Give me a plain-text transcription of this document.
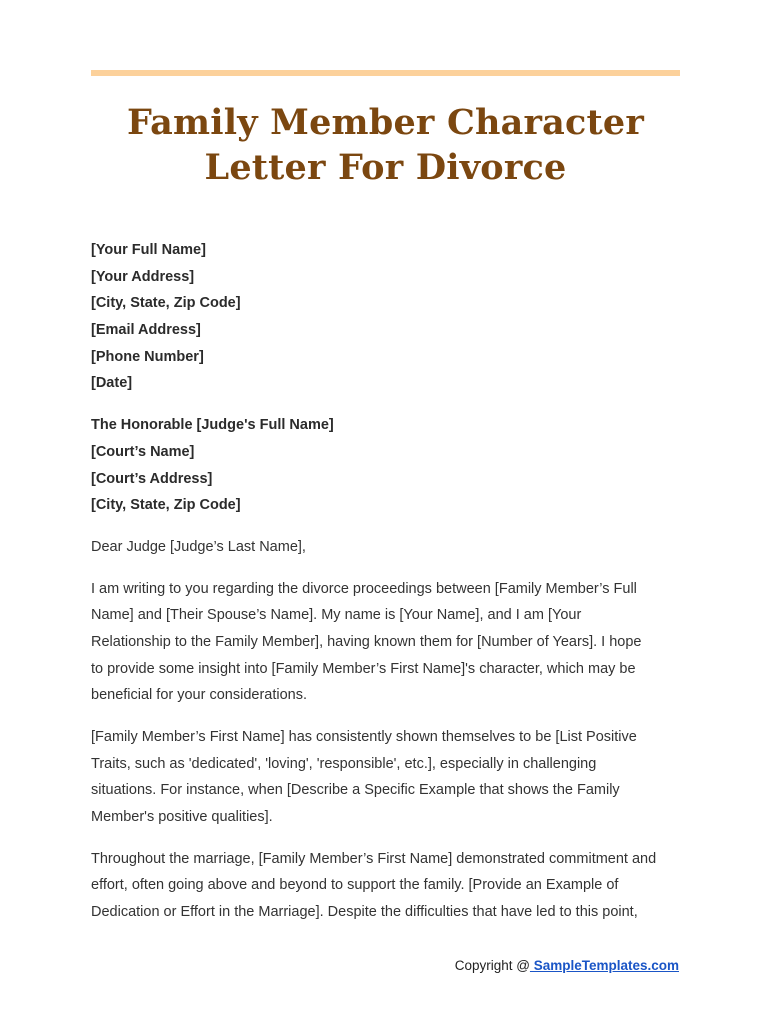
Family Member Character
Letter For Divorce
[Your Full Name]
[Your Address]
[City, State, Zip Code]
[Email Address]
[Phone Number]
[Date]
The Honorable [Judge's Full Name]
[Court’s Name]
[Court’s Address]
[City, State, Zip Code]
Dear Judge [Judge’s Last Name],
I am writing to you regarding the divorce proceedings between [Family Member’s Full
Name] and [Their Spouse’s Name]. My name is [Your Name], and I am [Your
Relationship to the Family Member], having known them for [Number of Years]. I hope
to provide some insight into [Family Member’s First Name]'s character, which may be
beneficial for your considerations.
[Family Member’s First Name] has consistently shown themselves to be [List Positive
Traits, such as 'dedicated', 'loving', 'responsible', etc.], especially in challenging
situations. For instance, when [Describe a Specific Example that shows the Family
Member's positive qualities].
Throughout the marriage, [Family Member’s First Name] demonstrated commitment and
effort, often going above and beyond to support the family. [Provide an Example of
Dedication or Effort in the Marriage]. Despite the difficulties that have led to this point,
Copyright @ SampleTemplates.com
